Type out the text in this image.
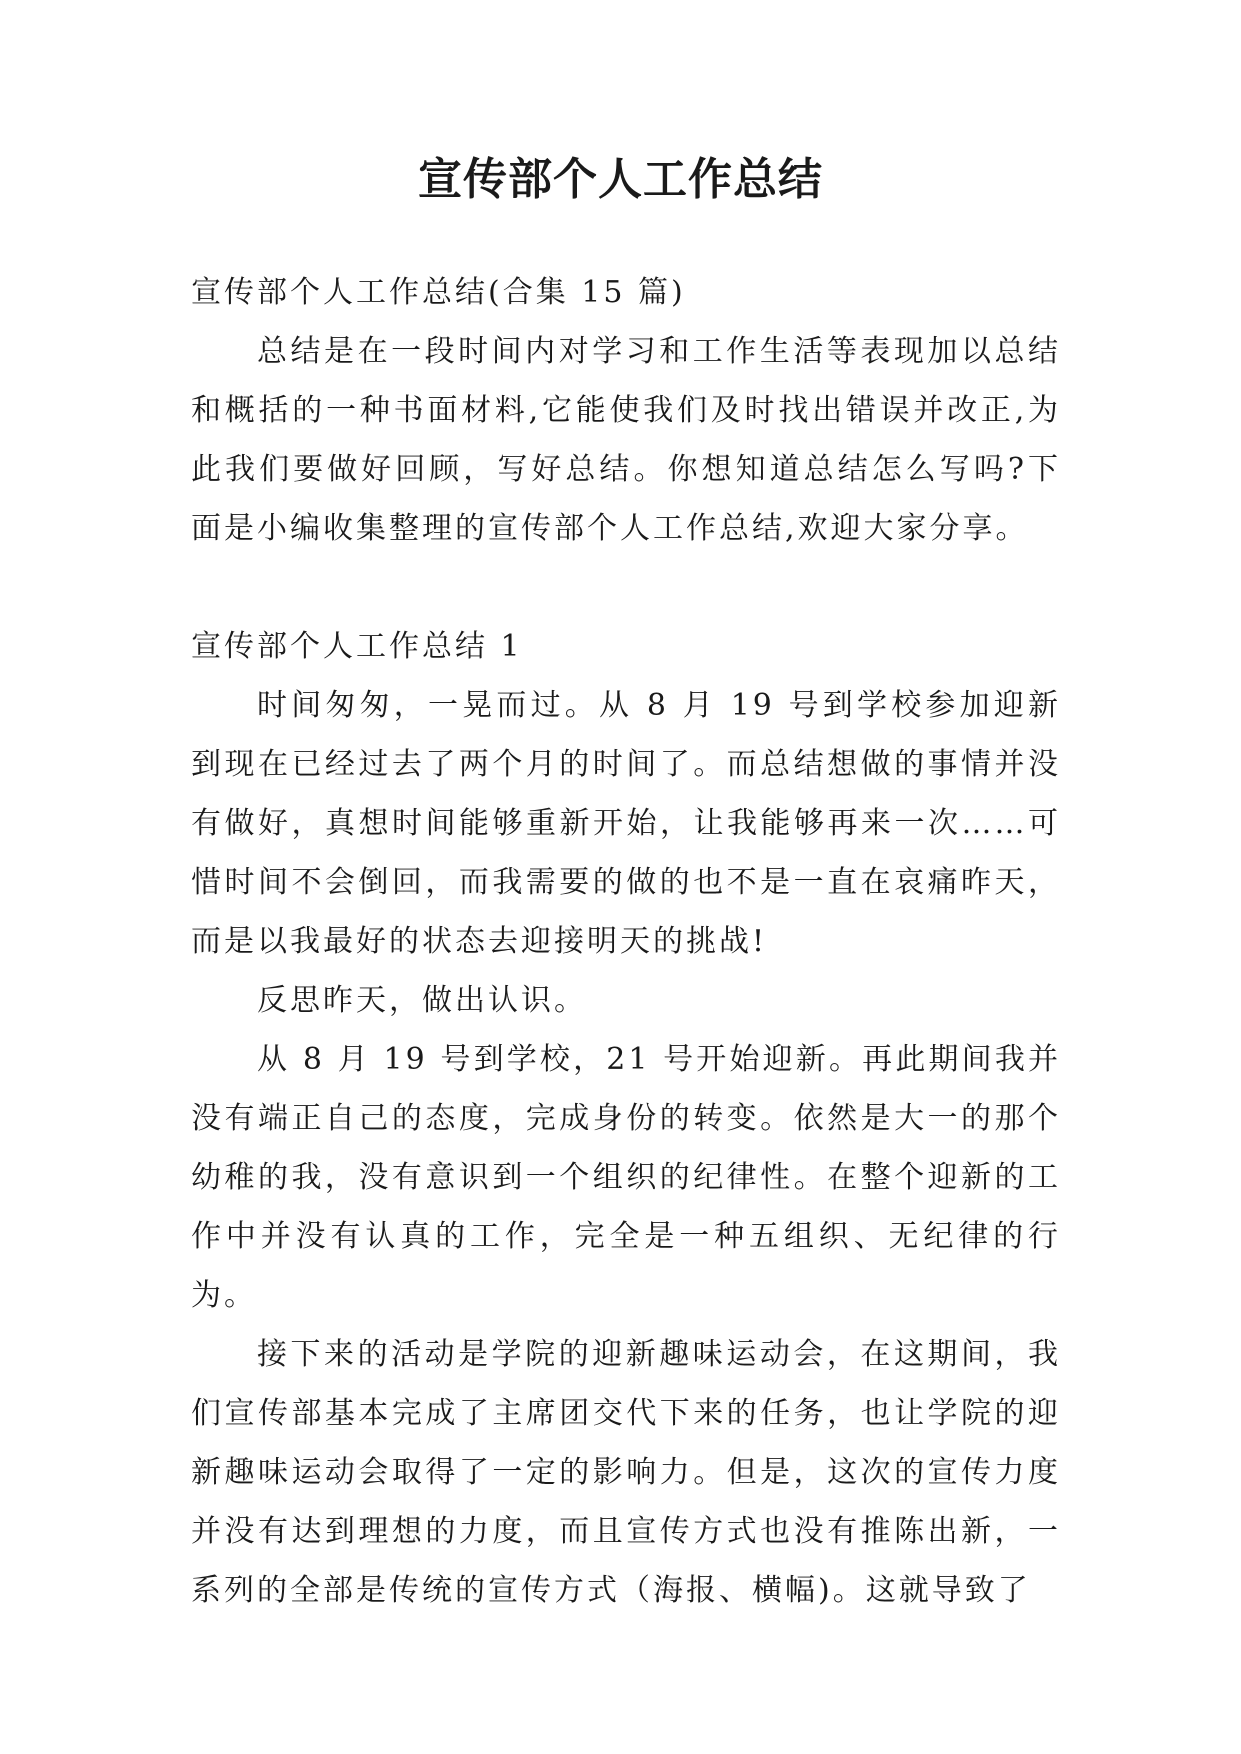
宣传部个人工作总结

宣传部个人工作总结(合集 15 篇)

总结是在一段时间内对学习和工作生活等表现加以总结和概括的一种书面材料,它能使我们及时找出错误并改正,为此我们要做好回顾，写好总结。你想知道总结怎么写吗?下面是小编收集整理的宣传部个人工作总结,欢迎大家分享。

宣传部个人工作总结 1

时间匆匆，一晃而过。从 8 月 19 号到学校参加迎新到现在已经过去了两个月的时间了。而总结想做的事情并没有做好，真想时间能够重新开始，让我能够再来一次……可惜时间不会倒回，而我需要的做的也不是一直在哀痛昨天，而是以我最好的状态去迎接明天的挑战!

反思昨天，做出认识。

从 8 月 19 号到学校，21 号开始迎新。再此期间我并没有端正自己的态度，完成身份的转变。依然是大一的那个幼稚的我，没有意识到一个组织的纪律性。在整个迎新的工作中并没有认真的工作，完全是一种五组织、无纪律的行为。

接下来的活动是学院的迎新趣味运动会，在这期间，我们宣传部基本完成了主席团交代下来的任务，也让学院的迎新趣味运动会取得了一定的影响力。但是，这次的宣传力度并没有达到理想的力度，而且宣传方式也没有推陈出新，一系列的全部是传统的宣传方式（海报、横幅)。这就导致了
